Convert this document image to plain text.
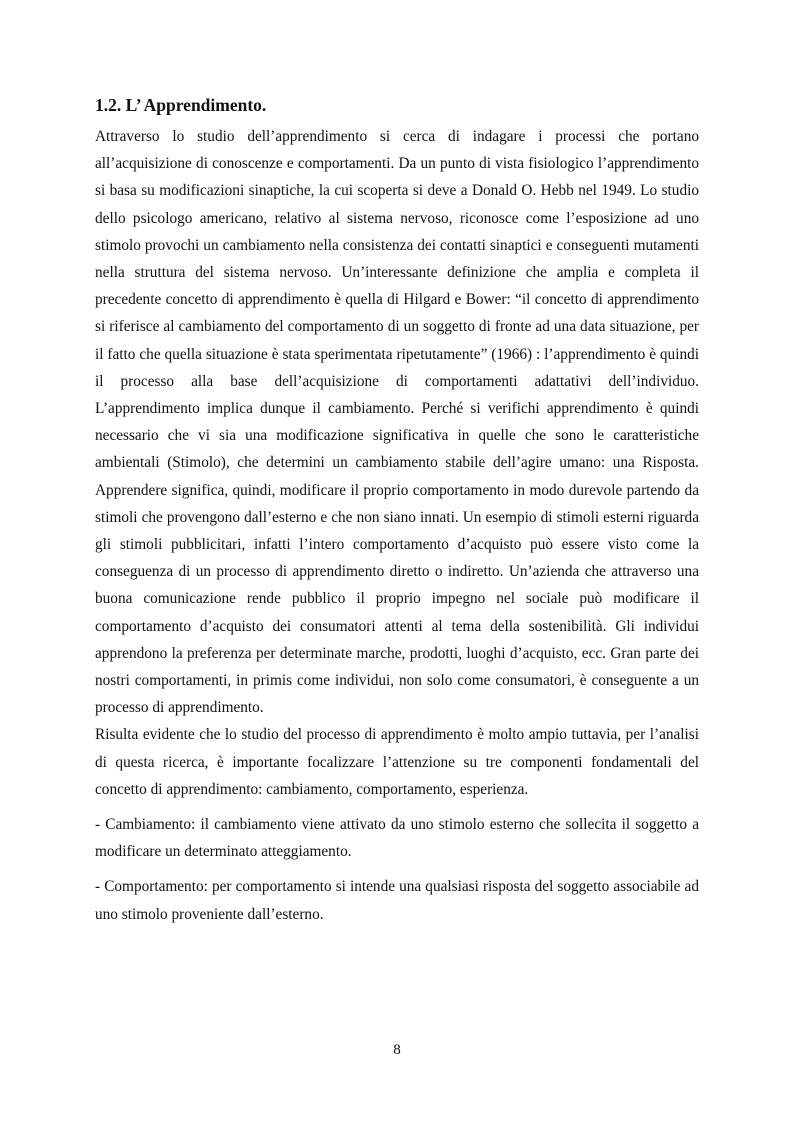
1.2. L’ Apprendimento.

Attraverso lo studio dell’apprendimento si cerca di indagare i processi che portano all’acquisizione di conoscenze e comportamenti. Da un punto di vista fisiologico l’apprendimento si basa su modificazioni sinaptiche, la cui scoperta si deve a Donald O. Hebb nel 1949. Lo studio dello psicologo americano, relativo al sistema nervoso, riconosce come l’esposizione ad uno stimolo provochi un cambiamento nella consistenza dei contatti sinaptici e conseguenti mutamenti nella struttura del sistema nervoso. Un’interessante definizione che amplia e completa il precedente concetto di apprendimento è quella di Hilgard e Bower: “il concetto di apprendimento si riferisce al cambiamento del comportamento di un soggetto di fronte ad una data situazione, per il fatto che quella situazione è stata sperimentata ripetutamente” (1966) : l’apprendimento è quindi il processo alla base dell’acquisizione di comportamenti adattativi dell’individuo. L’apprendimento implica dunque il cambiamento. Perché si verifichi apprendimento è quindi necessario che vi sia una modificazione significativa in quelle che sono le caratteristiche ambientali (Stimolo), che determini un cambiamento stabile dell’agire umano: una Risposta. Apprendere significa, quindi, modificare il proprio comportamento in modo durevole partendo da stimoli che provengono dall’esterno e che non siano innati. Un esempio di stimoli esterni riguarda gli stimoli pubblicitari, infatti l’intero comportamento d’acquisto può essere visto come la conseguenza di un processo di apprendimento diretto o indiretto. Un’azienda che attraverso una buona comunicazione rende pubblico il proprio impegno nel sociale può modificare il comportamento d’acquisto dei consumatori attenti al tema della sostenibilità. Gli individui apprendono la preferenza per determinate marche, prodotti, luoghi d’acquisto, ecc. Gran parte dei nostri comportamenti, in primis come individui, non solo come consumatori, è conseguente a un processo di apprendimento.

Risulta evidente che lo studio del processo di apprendimento è molto ampio tuttavia, per l’analisi di questa ricerca, è importante focalizzare l’attenzione su tre componenti fondamentali del concetto di apprendimento: cambiamento, comportamento, esperienza.

- Cambiamento: il cambiamento viene attivato da uno stimolo esterno che sollecita il soggetto a modificare un determinato atteggiamento.

- Comportamento: per comportamento si intende una qualsiasi risposta del soggetto associabile ad uno stimolo proveniente dall’esterno.

8
